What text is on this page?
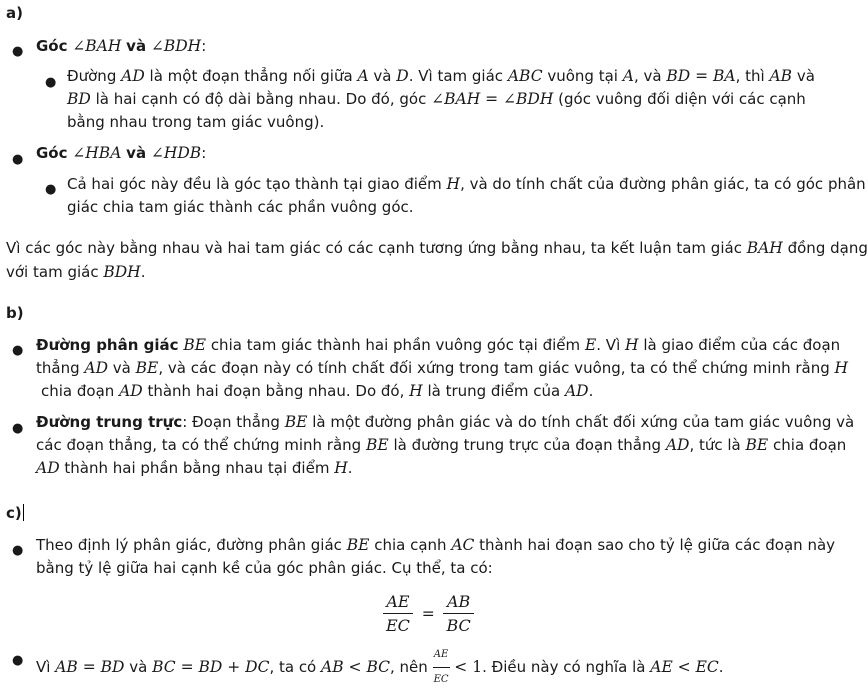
a)
● Góc ∠BAH và ∠BDH:
● Đường AD là một đoạn thẳng nối giữa A và D. Vì tam giác ABC vuông tại A, và BD = BA, thì AB và
BD là hai cạnh có độ dài bằng nhau. Do đó, góc ∠BAH = ∠BDH (góc vuông đối diện với các cạnh
bằng nhau trong tam giác vuông).
● Góc ∠HBA và ∠HDB:
● Cả hai góc này đều là góc tạo thành tại giao điểm H, và do tính chất của đường phân giác, ta có góc phân
giác chia tam giác thành các phần vuông góc.
Vì các góc này bằng nhau và hai tam giác có các cạnh tương ứng bằng nhau, ta kết luận tam giác BAH đồng dạng
với tam giác BDH.
b)
● Đường phân giác BE chia tam giác thành hai phần vuông góc tại điểm E. Vì H là giao điểm của các đoạn
thẳng AD và BE, và các đoạn này có tính chất đối xứng trong tam giác vuông, ta có thể chứng minh rằng H
chia đoạn AD thành hai đoạn bằng nhau. Do đó, H là trung điểm của AD.
● Đường trung trực: Đoạn thẳng BE là một đường phân giác và do tính chất đối xứng của tam giác vuông và
các đoạn thẳng, ta có thể chứng minh rằng BE là đường trung trực của đoạn thẳng AD, tức là BE chia đoạn
AD thành hai phần bằng nhau tại điểm H.
c)
● Theo định lý phân giác, đường phân giác BE chia cạnh AC thành hai đoạn sao cho tỷ lệ giữa các đoạn này
bằng tỷ lệ giữa hai cạnh kề của góc phân giác. Cụ thể, ta có:
$\frac{AE}{EC} = \frac{AB}{BC}$
● Vì AB = BD và BC = BD + DC, ta có AB < BC, nên $\frac{AE}{EC} < 1$. Điều này có nghĩa là AE < EC.
